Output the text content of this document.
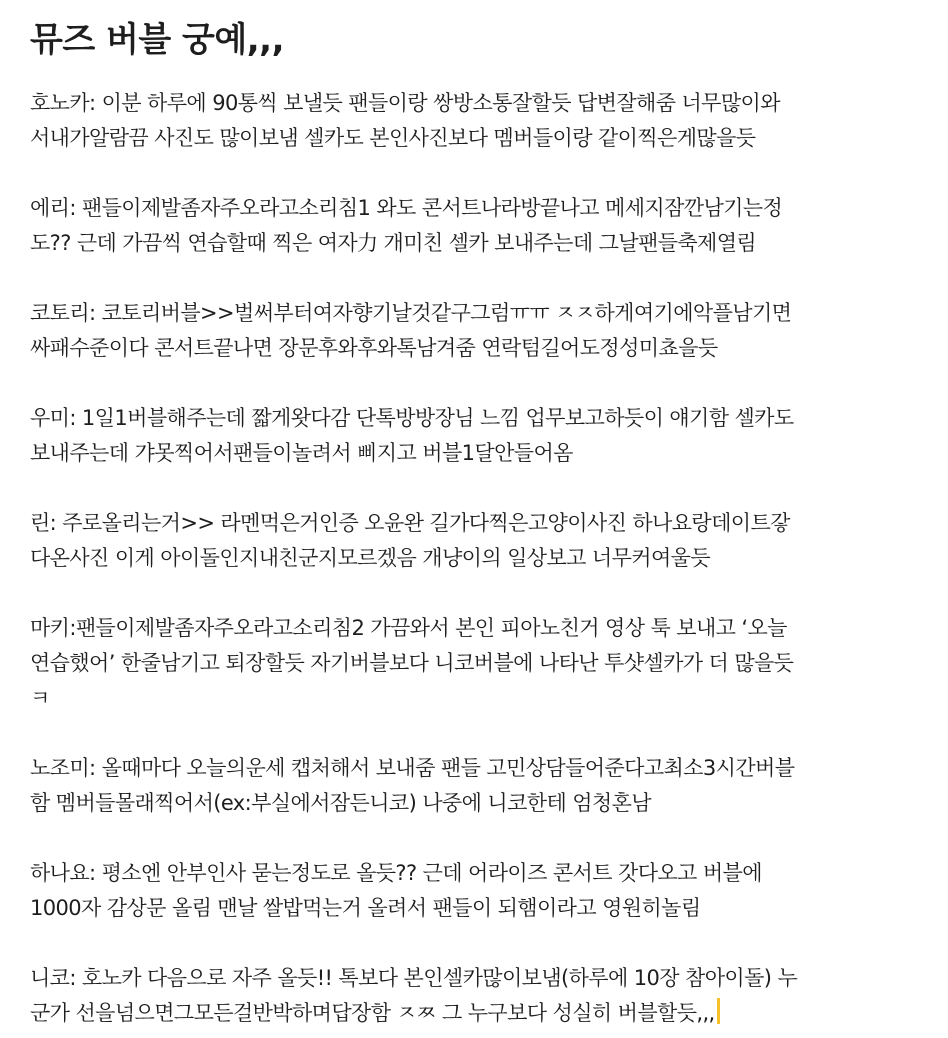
뮤즈 버블 궁예,,,
호노카: 이분 하루에 90통씩 보낼듯 팬들이랑 쌍방소통잘할듯 답변잘해줌 너무많이와
서내가알람끔 사진도 많이보냄 셀카도 본인사진보다 멤버들이랑 같이찍은게많을듯
에리: 팬들이제발좀자주오라고소리침1 와도 콘서트나라방끝나고 메세지잠깐남기는정
도?? 근데 가끔씩 연습할때 찍은 여자力 개미친 셀카 보내주는데 그날팬들축제열림
코토리: 코토리버블>>벌써부터여자향기날것같구그럼ㅠㅠ ㅈㅈ하게여기에악플남기면
싸패수준이다 콘서트끝나면 장문후와후와톡남겨줌 연락텀길어도정성미쵸을듯
우미: 1일1버블해주는데 짧게왓다감 단톡방방장님 느낌 업무보고하듯이 얘기함 셀카도
보내주는데 갸못찍어서팬들이놀려서 삐지고 버블1달안들어옴
린: 주로올리는거>> 라멘먹은거인증 오윤완 길가다찍은고양이사진 하나요랑데이트갛
다온사진 이게 아이돌인지내친군지모르겠음 개냥이의 일상보고 너무커여울듯
마키:팬들이제발좀자주오라고소리침2 가끔와서 본인 피아노친거 영상 툭 보내고 ‘오늘
연습했어’ 한줄남기고 퇴장할듯 자기버블보다 니코버블에 나타난 투샷셀카가 더 많을듯
ㅋ
노조미: 올때마다 오늘의운세 캡처해서 보내줌 팬들 고민상담들어준다고최소3시간버블
함 멤버들몰래찍어서(ex:부실에서잠든니코) 나중에 니코한테 엄청혼남
하나요: 평소엔 안부인사 묻는정도로 올듯?? 근데 어라이즈 콘서트 갓다오고 버블에
1000자 감상문 올림 맨날 쌀밥먹는거 올려서 팬들이 되햄이라고 영원히놀림
니코: 호노카 다음으로 자주 올듯!! 톡보다 본인셀카많이보냄(하루에 10장 참아이돌) 누
군가 선을넘으면그모든걸반박하며답장함 ㅈㅉ 그 누구보다 성실히 버블할듯,,,
